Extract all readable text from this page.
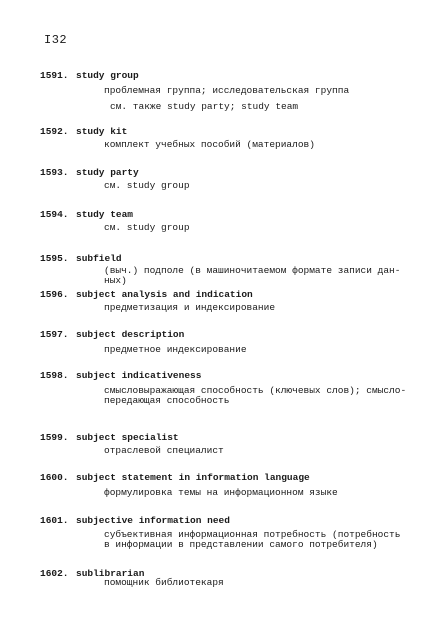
I32
1591. study group
проблемная группа; исследовательская группа
см. также study party; study team
1592. study kit
комплект учебных пособий (материалов)
1593. study party
см. study group
1594. study team
см. study group
1595. subfield
(выч.) подполе (в машиночитаемом формате записи дан-
ных)
1596. subject analysis and indication
предметизация и индексирование
1597. subject description
предметное индексирование
1598. subject indicativeness
смысловыражающая способность (ключевых слов); смысло-
передающая способность
1599. subject specialist
отраслевой специалист
1600. subject statement in information language
формулировка темы на информационном языке
1601. subjective information need
субъективная информационная потребность (потребность
в информации в представлении самого потребителя)
1602. sublibrarian
помощник библиотекаря
